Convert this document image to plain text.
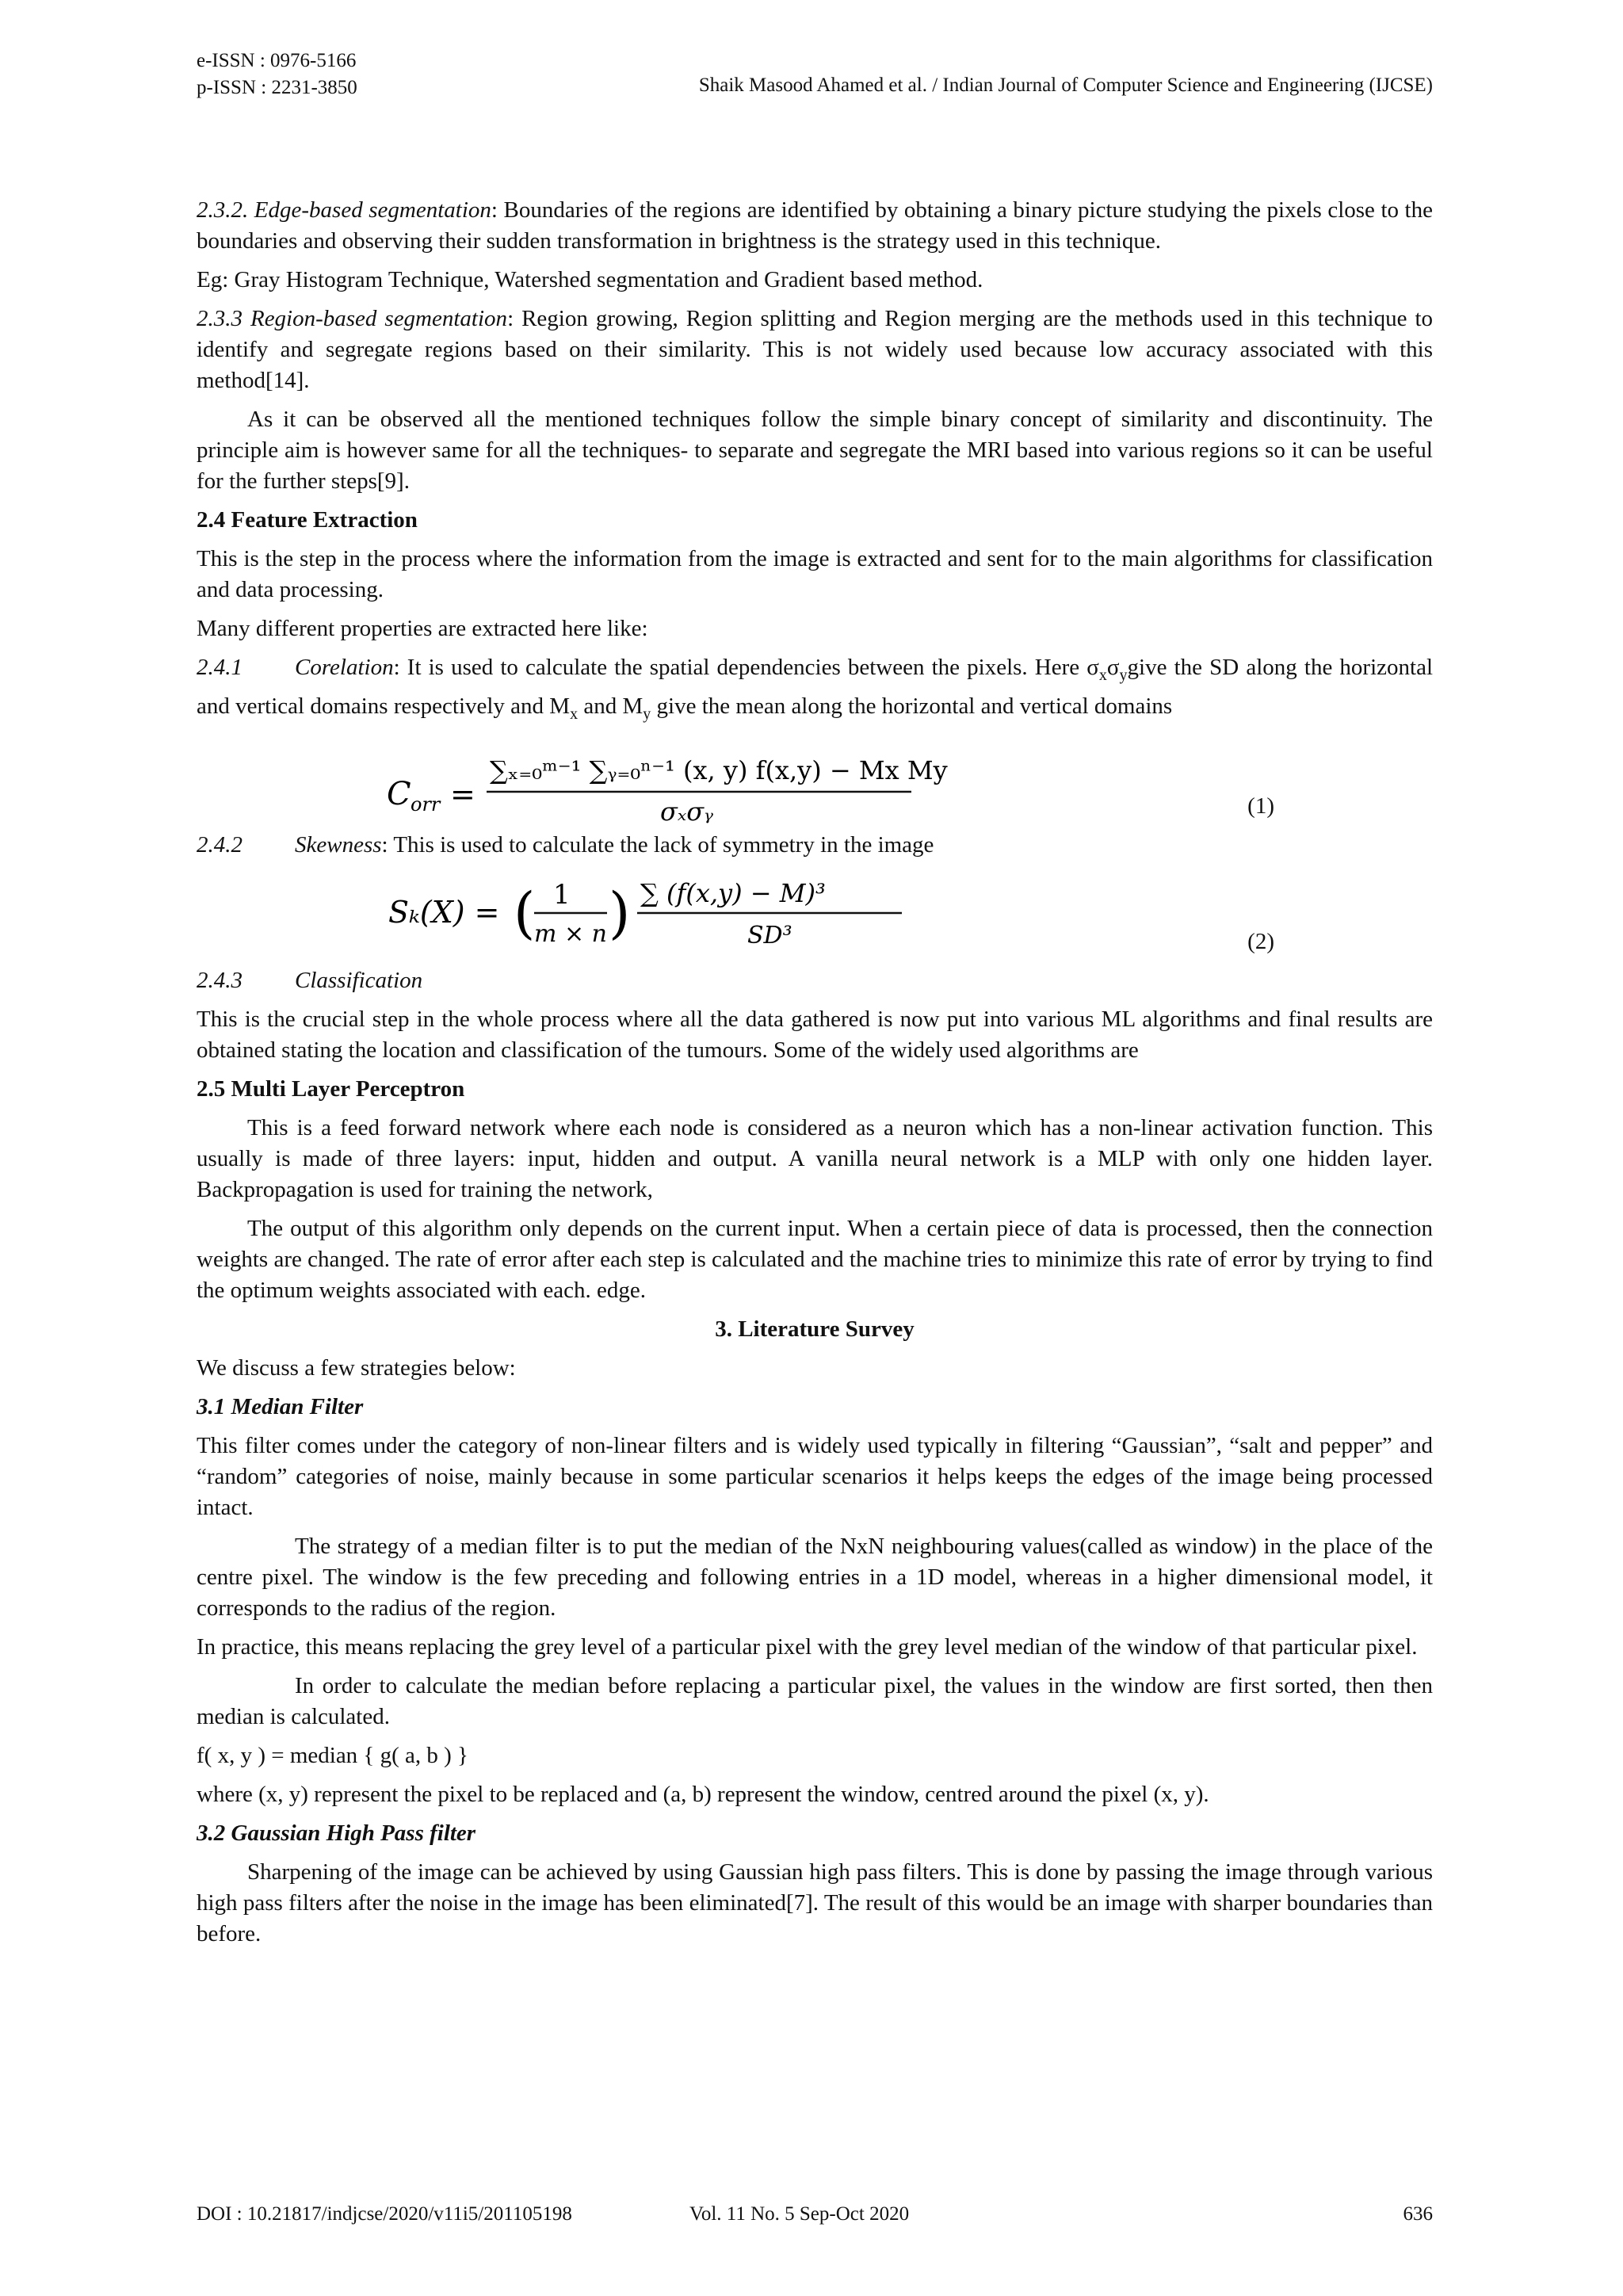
e-ISSN : 0976-5166
p-ISSN : 2231-3850	Shaik Masood Ahamed et al. / Indian Journal of Computer Science and Engineering (IJCSE)

2.3.2. Edge-based segmentation: Boundaries of the regions are identified by obtaining a binary picture studying the pixels close to the boundaries and observing their sudden transformation in brightness is the strategy used in this technique.

Eg: Gray Histogram Technique, Watershed segmentation and Gradient based method.

2.3.3 Region-based segmentation: Region growing, Region splitting and Region merging are the methods used in this technique to identify and segregate regions based on their similarity. This is not widely used because low accuracy associated with this method[14].

As it can be observed all the mentioned techniques follow the simple binary concept of similarity and discontinuity. The principle aim is however same for all the techniques- to separate and segregate the MRI based into various regions so it can be useful for the further steps[9].

2.4 Feature Extraction

This is the step in the process where the information from the image is extracted and sent for to the main algorithms for classification and data processing.

Many different properties are extracted here like:

2.4.1 Corelation: It is used to calculate the spatial dependencies between the pixels. Here $\sigma_x\sigma_ygive$ the SD along the horizontal and vertical domains respectively and $M_x$ and $M_y$ give the mean along the horizontal and vertical domains

C orr =
∑ₓ₌₀ᵐ⁻¹ ∑ᵧ₌₀ⁿ⁻¹ (x, y) f(x,y) − Mx My
σₓσᵧ	(1)

2.4.2 Skewness: This is used to calculate the lack of symmetry in the image

Sₖ(X) = ( 1
m × n ) ∑ (f(x,y) − M)³
SD³	(2)

2.4.3 Classification

This is the crucial step in the whole process where all the data gathered is now put into various ML algorithms and final results are obtained stating the location and classification of the tumours. Some of the widely used algorithms are

2.5 Multi Layer Perceptron

This is a feed forward network where each node is considered as a neuron which has a non-linear activation function. This usually is made of three layers: input, hidden and output. A vanilla neural network is a MLP with only one hidden layer. Backpropagation is used for training the network,

The output of this algorithm only depends on the current input. When a certain piece of data is processed, then the connection weights are changed. The rate of error after each step is calculated and the machine tries to minimize this rate of error by trying to find the optimum weights associated with each. edge.

3. Literature Survey

We discuss a few strategies below:

3.1 Median Filter

This filter comes under the category of non-linear filters and is widely used typically in filtering “Gaussian”, “salt and pepper” and “random” categories of noise, mainly because in some particular scenarios it helps keeps the edges of the image being processed intact.

The strategy of a median filter is to put the median of the NxN neighbouring values(called as window) in the place of the centre pixel. The window is the few preceding and following entries in a 1D model, whereas in a higher dimensional model, it corresponds to the radius of the region.

In practice, this means replacing the grey level of a particular pixel with the grey level median of the window of that particular pixel.

In order to calculate the median before replacing a particular pixel, the values in the window are first sorted, then then median is calculated.

f( x, y ) = median { g( a, b ) }

where (x, y) represent the pixel to be replaced and (a, b) represent the window, centred around the pixel (x, y).

3.2 Gaussian High Pass filter

Sharpening of the image can be achieved by using Gaussian high pass filters. This is done by passing the image through various high pass filters after the noise in the image has been eliminated[7]. The result of this would be an image with sharper boundaries than before.

DOI : 10.21817/indjcse/2020/v11i5/201105198	Vol. 11 No. 5 Sep-Oct 2020	636
